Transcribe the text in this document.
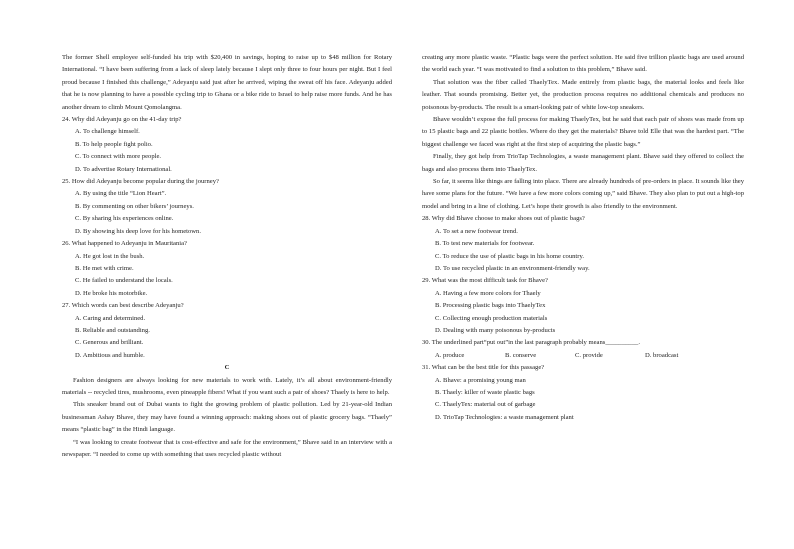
The former Shell employee self-funded his trip with $20,400 in savings, hoping to raise up to $48 million for Rotary International. “I have been suffering from a lack of sleep lately because I slept only three to four hours per night. But I feel proud because I finished this challenge,” Adeyanju said just after he arrived, wiping the sweat off his face. Adeyanju added that he is now planning to have a possible cycling trip to Ghana or a bike ride to Israel to help raise more funds. And he has another dream to climb Mount Qomolangma.
24. Why did Adeyanju go on the 41-day trip?
A. To challenge himself.
B. To help people fight polio.
C. To connect with more people.
D. To advertise Rotary International.
25. How did Adeyanju become popular during the journey?
A. By using the title “Lion Heart”.
B. By commenting on other bikers’ journeys.
C. By sharing his experiences online.
D. By showing his deep love for his hometown.
26. What happened to Adeyanju in Mauritania?
A. He got lost in the bush.
B. He met with crime.
C. He failed to understand the locals.
D. He broke his motorbike.
27. Which words can best describe Adeyanju?
A. Caring and determined.
B. Reliable and outstanding.
C. Generous and brilliant.
D. Ambitious and humble.
C
Fashion designers are always looking for new materials to work with. Lately, it’s all about environment-friendly materials -- recycled tires, mushrooms, even pineapple fibers! What if you want such a pair of shoes? Thaely is here to help.
This sneaker brand out of Dubai wants to fight the growing problem of plastic pollution. Led by 21-year-old Indian businessman Ashay Bhave, they may have found a winning approach: making shoes out of plastic grocery bags. “Thaely” means “plastic bag” in the Hindi language.
“I was looking to create footwear that is cost-effective and safe for the environment,” Bhave said in an interview with a newspaper. “I needed to come up with something that uses recycled plastic without
creating any more plastic waste. “Plastic bags were the perfect solution. He said five trillion plastic bags are used around the world each year. “I was motivated to find a solution to this problem,” Bhave said.
That solution was the fiber called ThaelyTex. Made entirely from plastic bags, the material looks and feels like leather. That sounds promising. Better yet, the production process requires no additional chemicals and produces no poisonous by-products. The result is a smart-looking pair of white low-top sneakers.
Bhave wouldn’t expose the full process for making ThaelyTex, but he said that each pair of shoes was made from up to 15 plastic bags and 22 plastic bottles. Where do they get the materials? Bhave told Elle that was the hardest part. “The biggest challenge we faced was right at the first step of acquiring the plastic bags.”
Finally, they got help from TrioTap Technologies, a waste management plant. Bhave said they offered to collect the bags and also process them into ThaelyTex.
So far, it seems like things are falling into place. There are already hundreds of pre-orders in place. It sounds like they have some plans for the future. “We have a few more colors coming up,” said Bhave. They also plan to put out a high-top model and bring in a line of clothing. Let’s hope their growth is also friendly to the environment.
28. Why did Bhave choose to make shoes out of plastic bags?
A. To set a new footwear trend.
B. To test new materials for footwear.
C. To reduce the use of plastic bags in his home country.
D. To use recycled plastic in an environment-friendly way.
29. What was the most difficult task for Bhave?
A. Having a few more colors for Thaely
B. Processing plastic bags into ThaelyTex
C. Collecting enough production materials
D. Dealing with many poisonous by-products
30. The underlined part“put out”in the last paragraph probably means__________.
A. produce	B. conserve	C. provide	D. broadcast
31. What can be the best title for this passage?
A. Bhave: a promising young man
B. Thaely: killer of waste plastic bags
C. ThaelyTex: material out of garbage
D. TrioTap Technologies: a waste management plant
